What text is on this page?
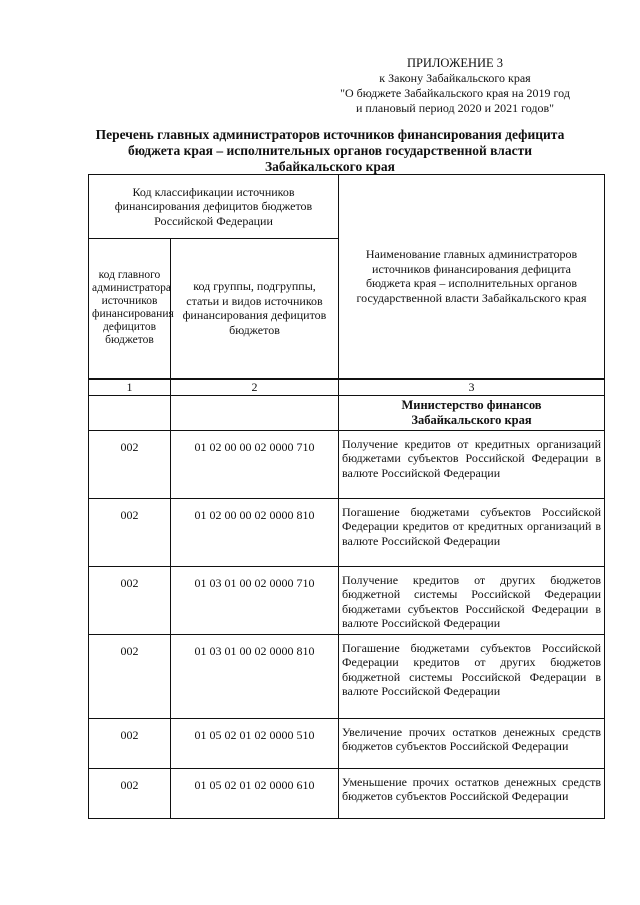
ПРИЛОЖЕНИЕ 3
к Закону Забайкальского края
"О бюджете Забайкальского края на 2019 год
и плановый период 2020 и 2021 годов"
Перечень главных администраторов источников финансирования дефицита
бюджета края – исполнительных органов государственной власти
Забайкальского края
Код классификации источников финансирования дефицитов бюджетов Российской Федерации		Наименование главных администраторов источников финансирования дефицита бюджета края – исполнительных органов государственной власти Забайкальского края
код главного администратора источников финансирования дефицитов бюджетов	код группы, подгруппы, статьи и видов источников финансирования дефицитов бюджетов	
1	2	3
		Министерство финансов Забайкальского края
002	01 02 00 00 02 0000 710	Получение кредитов от кредитных организаций бюджетами субъектов Российской Федерации в валюте Российской Федерации
002	01 02 00 00 02 0000 810	Погашение бюджетами субъектов Российской Федерации кредитов от кредитных организаций в валюте Российской Федерации
002	01 03 01 00 02 0000 710	Получение кредитов от других бюджетов бюджетной системы Российской Федерации бюджетами субъектов Российской Федерации в валюте Российской Федерации
002	01 03 01 00 02 0000 810	Погашение бюджетами субъектов Российской Федерации кредитов от других бюджетов бюджетной системы Российской Федерации в валюте Российской Федерации
002	01 05 02 01 02 0000 510	Увеличение прочих остатков денежных средств бюджетов субъектов Российской Федерации
002	01 05 02 01 02 0000 610	Уменьшение прочих остатков денежных средств бюджетов субъектов Российской Федерации
